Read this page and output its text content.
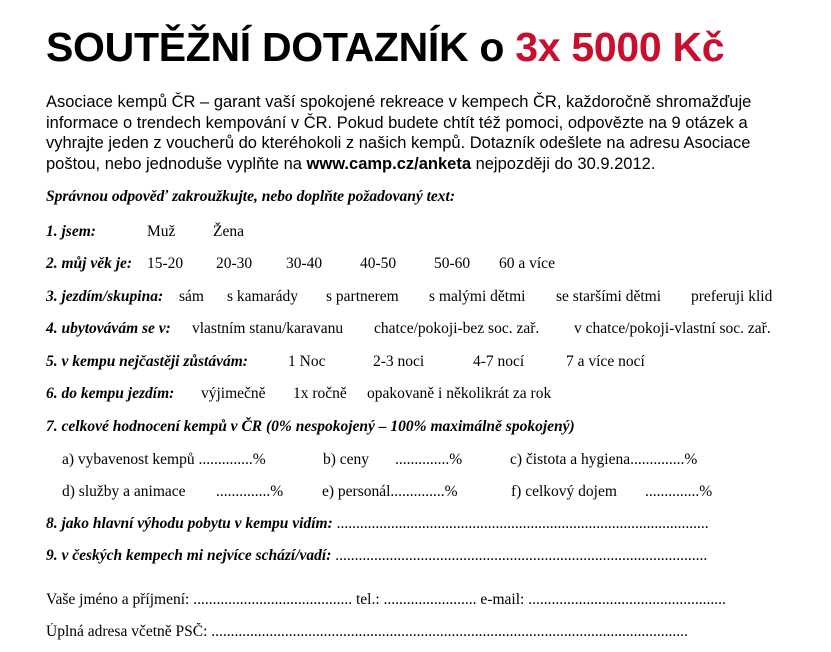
SOUTĚŽNÍ DOTAZNÍK o 3x 5000 Kč
Asociace kempů ČR – garant vaší spokojené rekreace v kempech ČR, každoročně shromažďuje
informace o trendech kempování v ČR. Pokud budete chtít též pomoci, odpovězte na 9 otázek a
vyhrajte jeden z voucherů do kteréhokoli z našich kempů. Dotazník odešlete na adresu Asociace
poštou, nebo jednoduše vyplňte na www.camp.cz/anketa nejpozději do 30.9.2012.
Správnou odpověď zakroužkujte, nebo doplňte požadovaný text:
1. jsem:	Muž Žena
2. můj věk je: 15-20 20-30 30-40 40-50 50-60 60 a více
3. jezdím/skupina: sám s kamarády s partnerem s malými dětmi se staršími dětmi preferuji klid
4. ubytovávám se v: vlastním stanu/karavanu chatce/pokoji-bez soc. zař. v chatce/pokoji-vlastní soc. zař.
5. v kempu nejčastěji zůstávám:	1 Noc	2-3 noci	4-7 nocí	7 a více nocí
6. do kempu jezdím: výjimečně 1x ročně opakovaně i několikrát za rok
7. celkové hodnocení kempů v ČR (0% nespokojený – 100% maximálně spokojený)
a) vybavenost kempů ..............%	b) ceny ..............%	c) čistota a hygiena..............%
d) služby a animace ..............%	e) personál..............%	f) celkový dojem ..............%
8. jako hlavní výhodu pobytu v kempu vidím: ................................................................................................
9. v českých kempech mi nejvíce schází/vadí: ................................................................................................
Vaše jméno a příjmení: ......................................... tel.: ........................ e-mail: ...................................................
Úplná adresa včetně PSČ: ...........................................................................................................................
